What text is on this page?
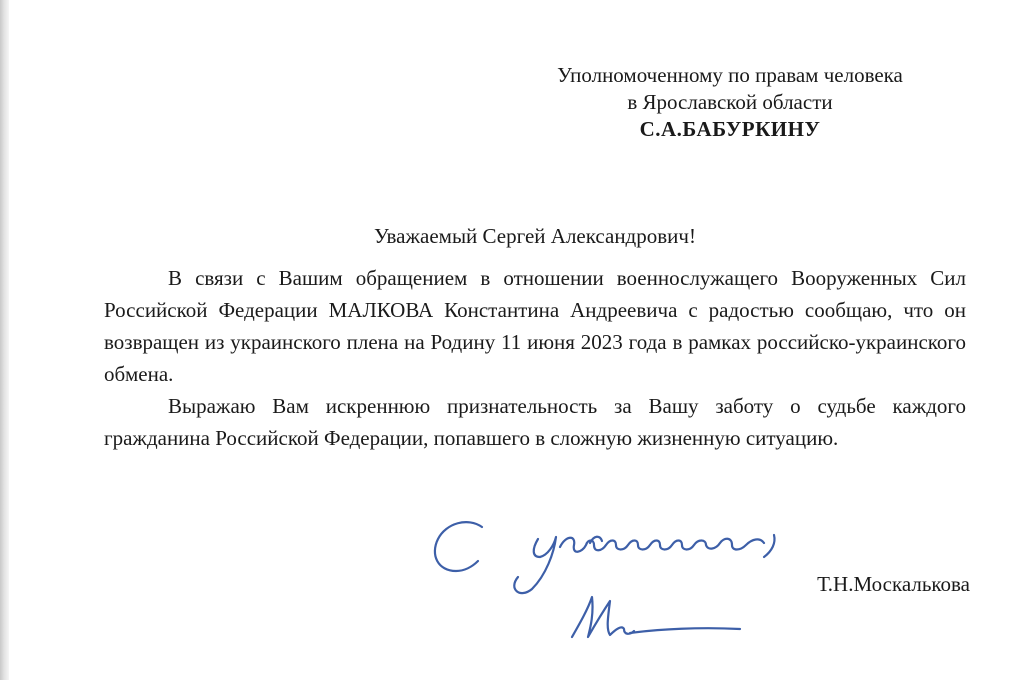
Уполномоченному по правам человека
в Ярославской области
С.А.БАБУРКИНУ
Уважаемый Сергей Александрович!

В связи с Вашим обращением в отношении военнослужащего Вооруженных Сил Российской Федерации МАЛКОВА Константина Андреевича с радостью сообщаю, что он возвращен из украинского плена на Родину 11 июня 2023 года в рамках российско-украинского обмена.

Выражаю Вам искреннюю признательность за Вашу заботу о судьбе каждого гражданина Российской Федерации, попавшего в сложную жизненную ситуацию.

Т.Н.Москалькова
